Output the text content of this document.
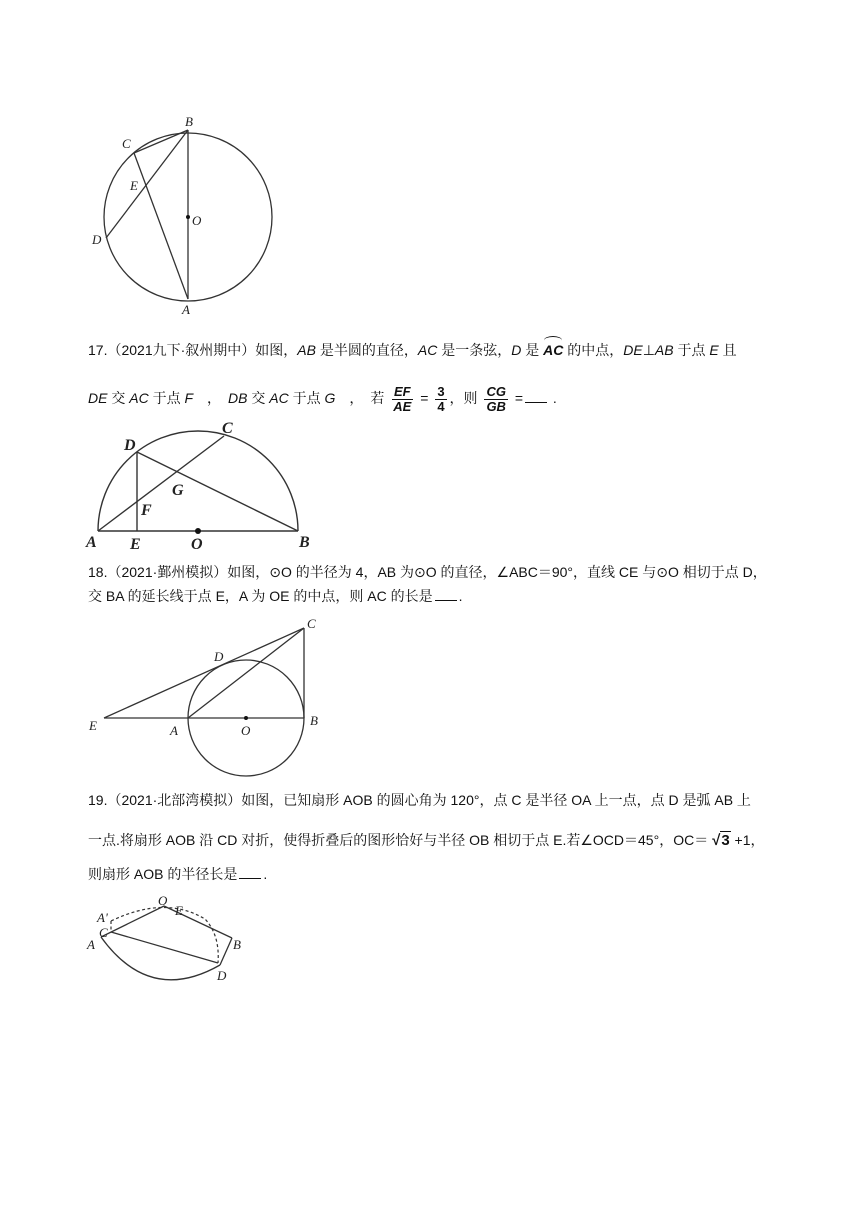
B
C
E
O
D
A
17.（2021九下·叙州期中）如图，AB 是半圆的直径，AC 是一条弦，D 是 AC 的中点，DE⊥AB 于点 E 且
DE 交 AC 于点 F　，　DB 交 AC 于点 G　，　若 $\frac{EF}{AE} = \frac{3}{4}$ ，则 $\frac{CG}{GB}$ = .
D
C
G
F
A E	O	B
18.（2021·鄞州模拟）如图，⊙O 的半径为 4，AB 为⊙O 的直径，∠ABC＝90°，直线 CE 与⊙O 相切于点 D，
交 BA 的延长线于点 E，A 为 OE 的中点，则 AC 的长是 .
C
D
E	A	O
B
19.（2021·北部湾模拟）如图，已知扇形 AOB 的圆心角为 120°，点 C 是半径 OA 上一点，点 D 是弧 AB 上
一点.将扇形 AOB 沿 CD 对折，使得折叠后的图形恰好与半径 OB 相切于点 E.若∠OCD＝45°，OC＝ √3 +1，
则扇形 AOB 的半径长是 .
A'
O
E
C
A	B
D
